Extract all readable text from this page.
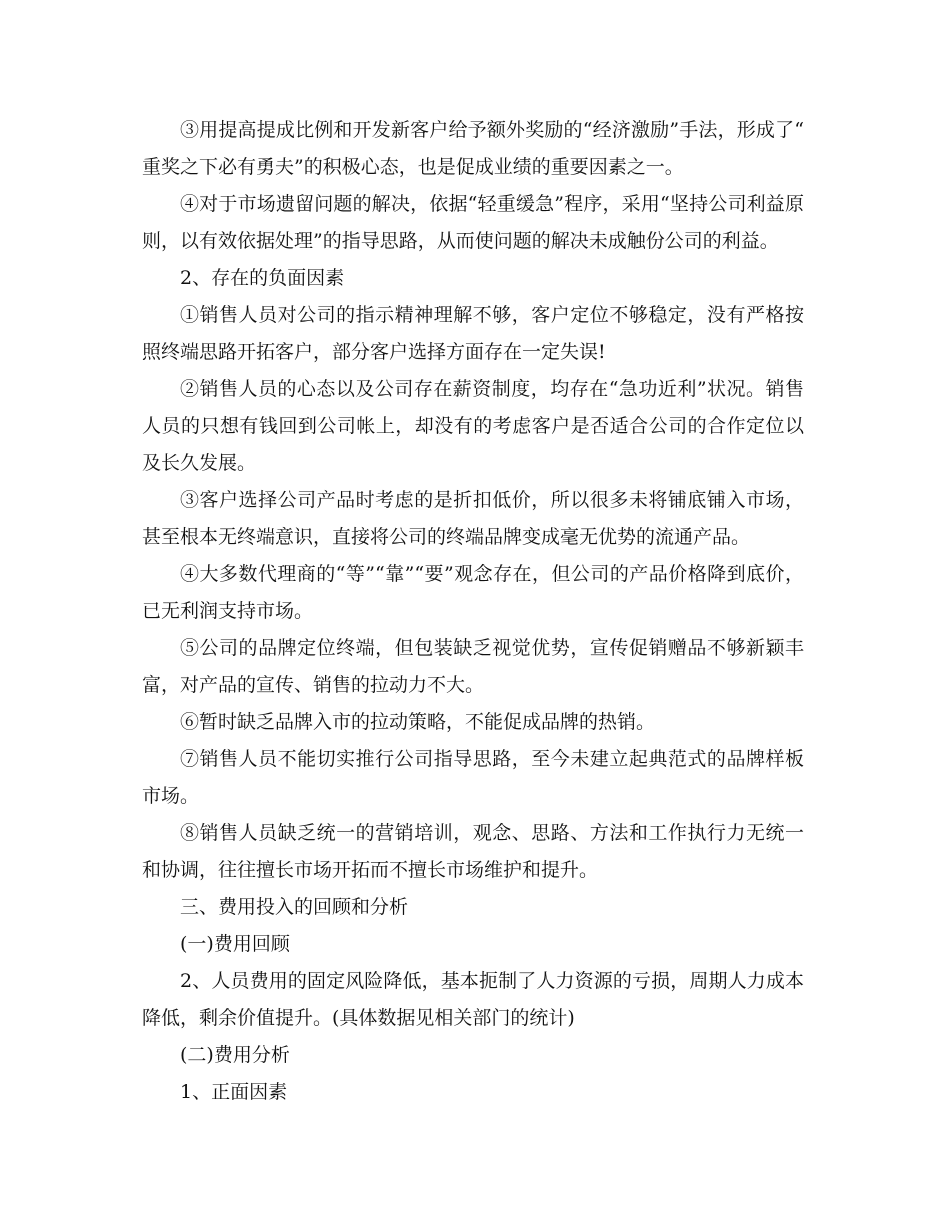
③用提高提成比例和开发新客户给予额外奖励的“经济激励”手法，形成了“重奖之下必有勇夫”的积极心态，也是促成业绩的重要因素之一。

④对于市场遗留问题的解决，依据“轻重缓急”程序，采用“坚持公司利益原则，以有效依据处理”的指导思路，从而使问题的解决未成触份公司的利益。

2、存在的负面因素

①销售人员对公司的指示精神理解不够，客户定位不够稳定，没有严格按照终端思路开拓客户，部分客户选择方面存在一定失误!

②销售人员的心态以及公司存在薪资制度，均存在“急功近利”状况。销售人员的只想有钱回到公司帐上，却没有的考虑客户是否适合公司的合作定位以及长久发展。

③客户选择公司产品时考虑的是折扣低价，所以很多未将铺底铺入市场，甚至根本无终端意识，直接将公司的终端品牌变成毫无优势的流通产品。

④大多数代理商的“等”“靠”“要”观念存在，但公司的产品价格降到底价，已无利润支持市场。

⑤公司的品牌定位终端，但包装缺乏视觉优势，宣传促销赠品不够新颖丰富，对产品的宣传、销售的拉动力不大。

⑥暂时缺乏品牌入市的拉动策略，不能促成品牌的热销。

⑦销售人员不能切实推行公司指导思路，至今未建立起典范式的品牌样板市场。

⑧销售人员缺乏统一的营销培训，观念、思路、方法和工作执行力无统一和协调，往往擅长市场开拓而不擅长市场维护和提升。

三、费用投入的回顾和分析

(一)费用回顾

2、人员费用的固定风险降低，基本扼制了人力资源的亏损，周期人力成本降低，剩余价值提升。(具体数据见相关部门的统计)

(二)费用分析

1、正面因素
